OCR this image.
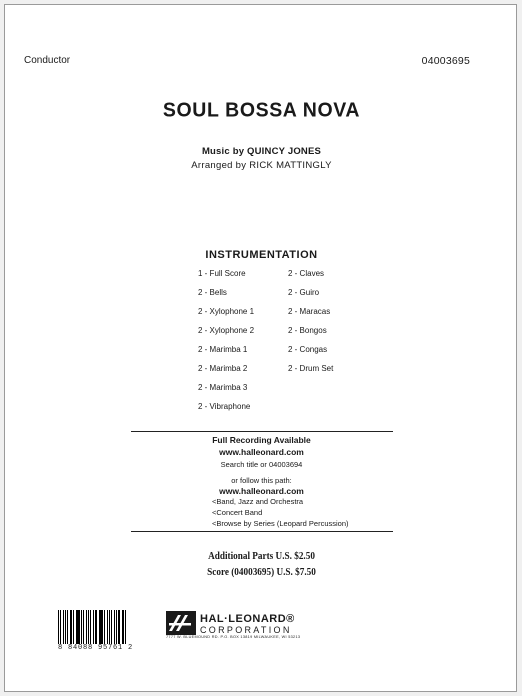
Conductor	04003695
SOUL BOSSA NOVA
Music by QUINCY JONES
Arranged by RICK MATTINGLY
INSTRUMENTATION
1 - Full Score
2 - Bells
2 - Xylophone 1
2 - Xylophone 2
2 - Marimba 1
2 - Marimba 2
2 - Marimba 3
2 - Vibraphone
2 - Claves
2 - Guiro
2 - Maracas
2 - Bongos
2 - Congas
2 - Drum Set
Full Recording Available
www.halleonard.com
Search title or 04003694
or follow this path:
www.halleonard.com
<Band, Jazz and Orchestra
<Concert Band
<Browse by Series (Leopard Percussion)
Additional Parts U.S. $2.50
Score (04003695) U.S. $7.50
8 84088 95761 2
HAL·LEONARD®
CORPORATION
7777 W. BLUEMOUND RD. P.O. BOX 13819 MILWAUKEE, WI 53213
